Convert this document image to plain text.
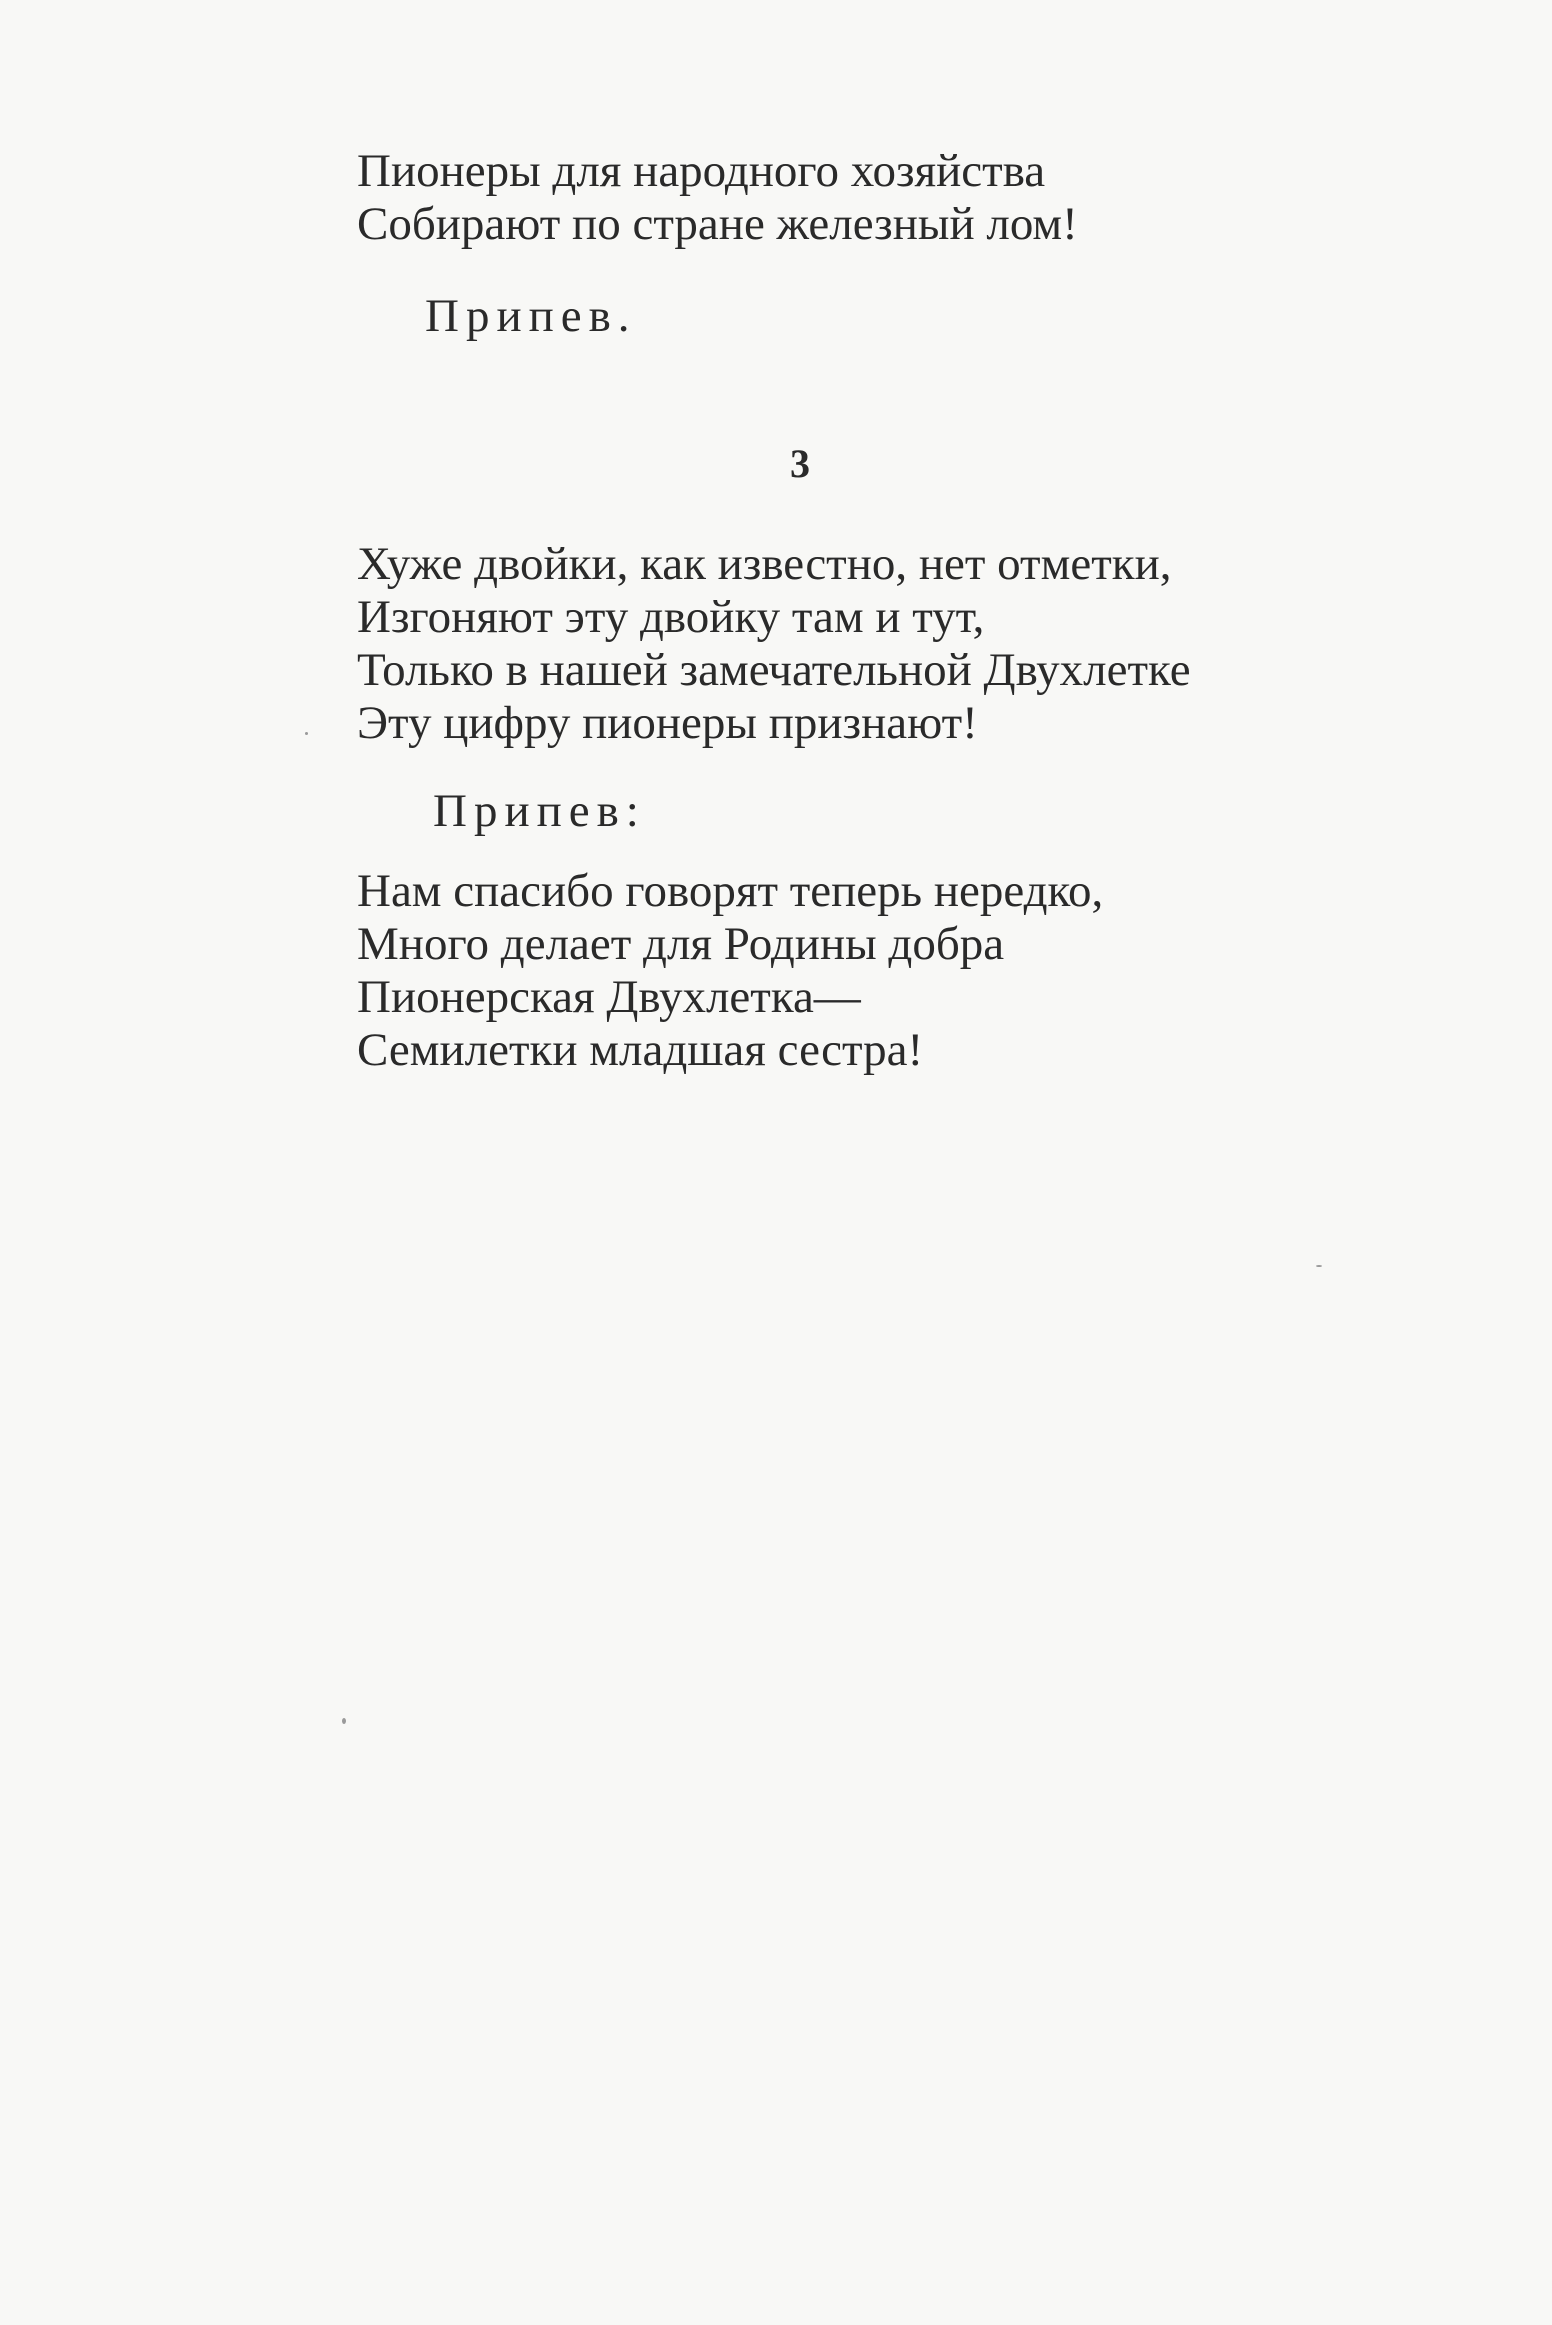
Пионеры для народного хозяйства
Собирают по стране железный лом!
Припев.
3
Хуже двойки, как известно, нет отметки,
Изгоняют эту двойку там и тут,
Только в нашей замечательной Двухлетке
Эту цифру пионеры признают!
Припев:
Нам спасибо говорят теперь нередко,
Много делает для Родины добра
Пионерская Двухлетка—
Семилетки младшая сестра!
